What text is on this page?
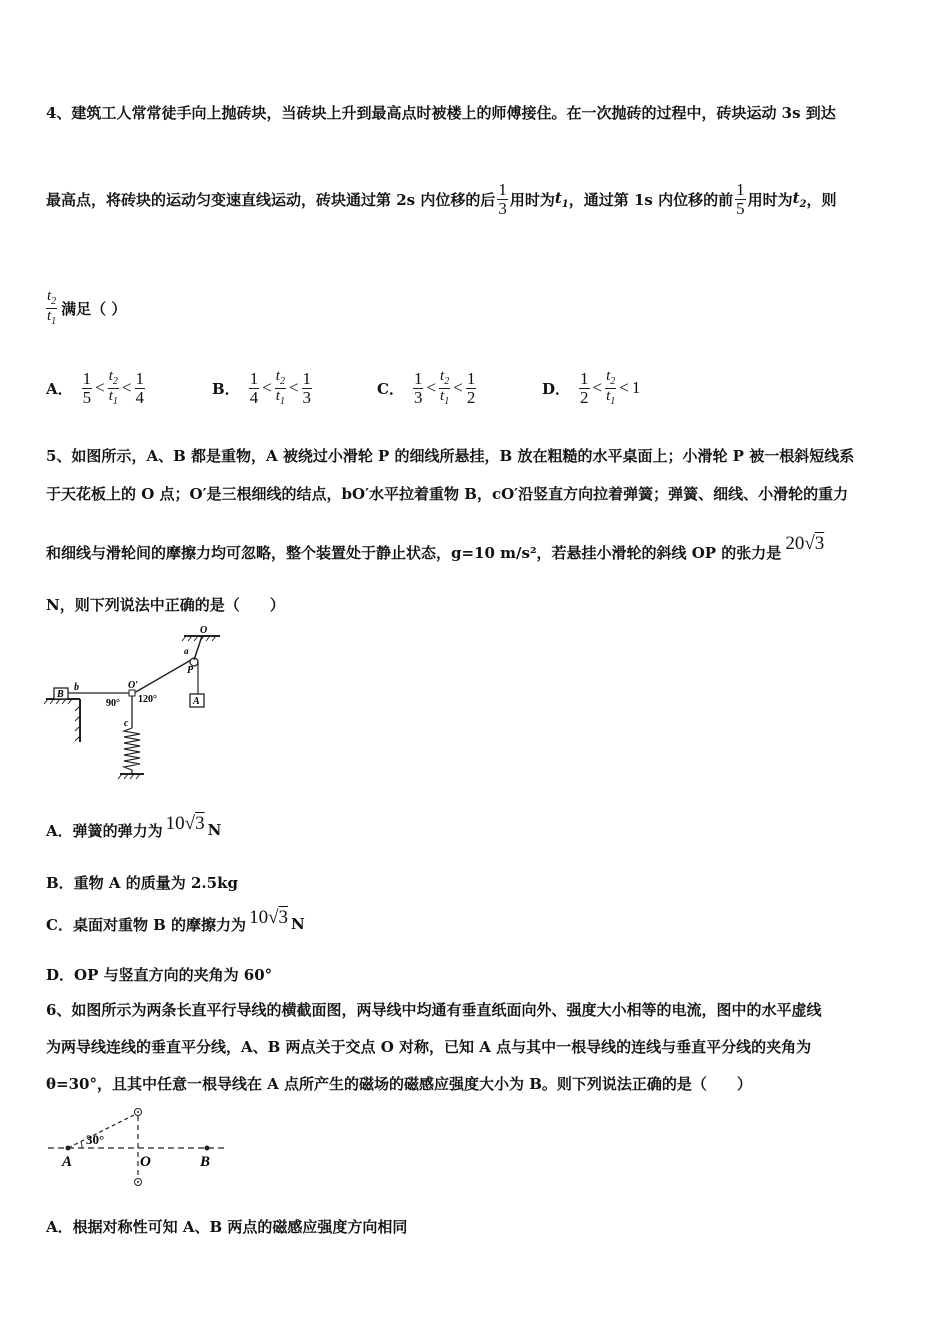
4、建筑工人常常徒手向上抛砖块，当砖块上升到最高点时被楼上的师傅接住。在一次抛砖的过程中，砖块运动 3s 到达
最高点，将砖块的运动匀变速直线运动，砖块通过第 2s 内位移的后 $\frac{1}{3}$ 用时为 $t_1$ ，通过第 1s 内位移的前 $\frac{1}{5}$ 用时为 $t_2$ ，则
$\frac{t_2}{t_1}$ 满足（ ）
A． $\frac{1}{5} < \frac{t_2}{t_1} < \frac{1}{4}$	B． $\frac{1}{4} < \frac{t_2}{t_1} < \frac{1}{3}$	C． $\frac{1}{3} < \frac{t_2}{t_1} < \frac{1}{2}$	D． $\frac{1}{2} < \frac{t_2}{t_1} < 1$
5、如图所示，A、B 都是重物，A 被绕过小滑轮 P 的细线所悬挂，B 放在粗糙的水平桌面上；小滑轮 P 被一根斜短线系
于天花板上的 O 点；O′是三根细线的结点，bO′水平拉着重物 B，cO′沿竖直方向拉着弹簧；弹簧、细线、小滑轮的重力
和细线与滑轮间的摩擦力均可忽略，整个装置处于静止状态，g=10 m/s²，若悬挂小滑轮的斜线 OP 的张力是 20√3
N，则下列说法中正确的是（　　）
O
a
P
A
B
b	O′
90° 120°
c
A．弹簧的弹力为 10√3 N
B．重物 A 的质量为 2.5kg
C．桌面对重物 B 的摩擦力为 10√3 N
D．OP 与竖直方向的夹角为 60°
6、如图所示为两条长直平行导线的横截面图，两导线中均通有垂直纸面向外、强度大小相等的电流，图中的水平虚线
为两导线连线的垂直平分线，A、B 两点关于交点 O 对称，已知 A 点与其中一根导线的连线与垂直平分线的夹角为
θ=30°，且其中任意一根导线在 A 点所产生的磁场的磁感应强度大小为 B。则下列说法正确的是（　　）
30°
A	O	B
A．根据对称性可知 A、B 两点的磁感应强度方向相同
